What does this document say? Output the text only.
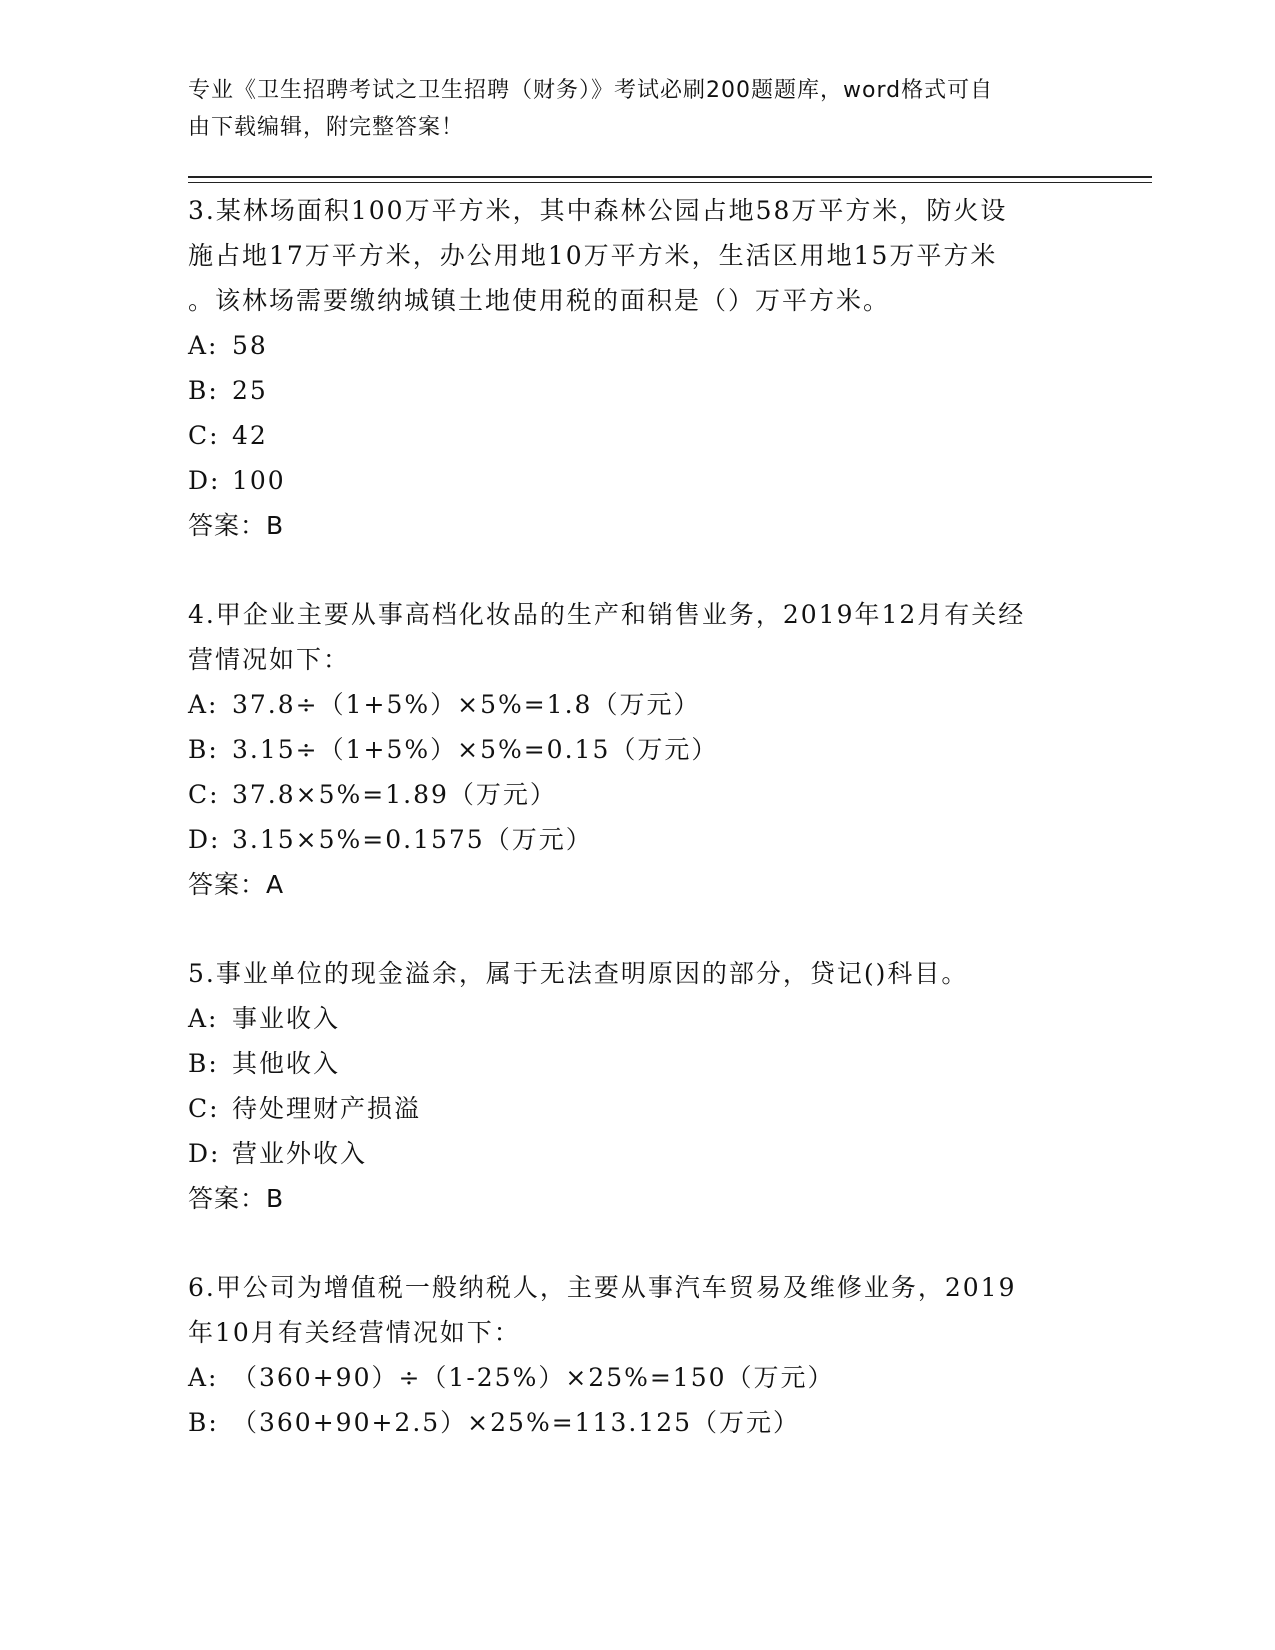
专业《卫生招聘考试之卫生招聘（财务）》考试必刷200题题库，word格式可自
由下载编辑，附完整答案！

3.某林场面积100万平方米，其中森林公园占地58万平方米，防火设

施占地17万平方米，办公用地10万平方米，生活区用地15万平方米

。该林场需要缴纳城镇土地使用税的面积是（）万平方米。

A: 58

B: 25

C: 42

D: 100

答案：B

4.甲企业主要从事高档化妆品的生产和销售业务，2019年12月有关经

营情况如下：

A: 37.8÷（1+5%）×5%=1.8（万元）

B: 3.15÷（1+5%）×5%=0.15（万元）

C: 37.8×5%=1.89（万元）

D: 3.15×5%=0.1575（万元）

答案：A

5.事业单位的现金溢余，属于无法查明原因的部分，贷记()科目。

A: 事业收入

B: 其他收入

C: 待处理财产损溢

D: 营业外收入

答案：B

6.甲公司为增值税一般纳税人，主要从事汽车贸易及维修业务，2019

年10月有关经营情况如下：

A: （360+90）÷（1-25%）×25%=150（万元）

B: （360+90+2.5）×25%=113.125（万元）
